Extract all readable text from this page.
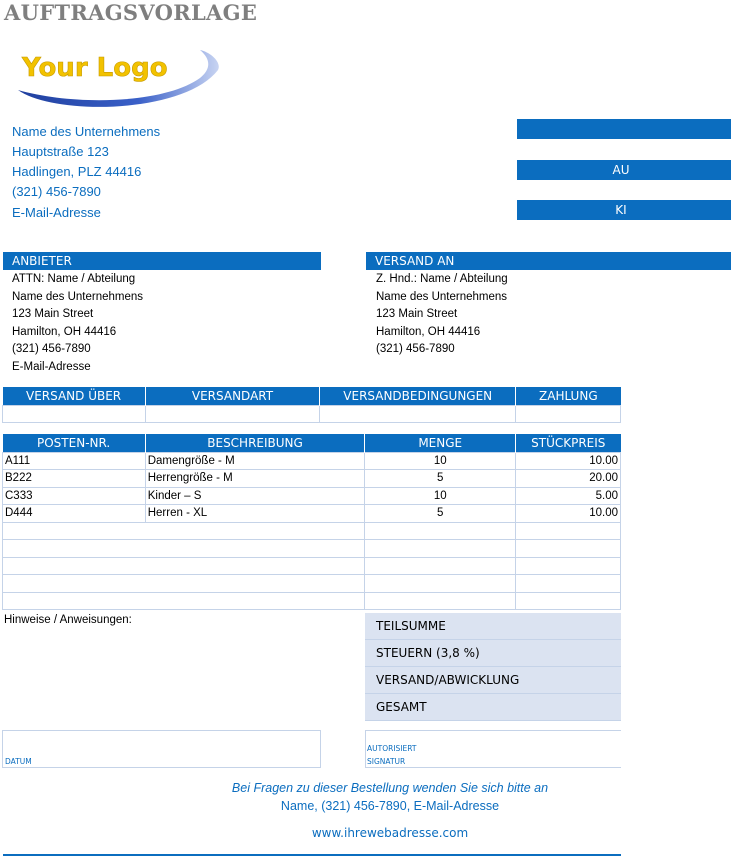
AUFTRAGSVORLAGE
Your Logo
Name des Unternehmens
Hauptstraße 123
Hadlingen, PLZ 44416
(321) 456-7890
E-Mail-Adresse
AU
KI
ANBIETER	VERSAND AN
ATTN: Name / Abteilung
Name des Unternehmens
123 Main Street
Hamilton, OH 44416
(321) 456-7890
E-Mail-Adresse
Z. Hnd.: Name / Abteilung
Name des Unternehmens
123 Main Street
Hamilton, OH 44416
(321) 456-7890
VERSAND ÜBER	VERSANDART	VERSANDBEDINGUNGEN	ZAHLUNG

POSTEN-NR.	BESCHREIBUNG	MENGE	STÜCKPREIS
A111	Damengröße - M	10	10.00
B222	Herrengröße - M	5	20.00
C333	Kinder – S	10	5.00
D444	Herren - XL	5	10.00

Hinweise / Anweisungen:	TEILSUMME
STEUERN (3,8 %)
VERSAND/ABWICKLUNG
GESAMT
DATUM
AUTORISIERT
SIGNATUR
Bei Fragen zu dieser Bestellung wenden Sie sich bitte an
Name, (321) 456-7890, E-Mail-Adresse
www.ihrewebadresse.com
